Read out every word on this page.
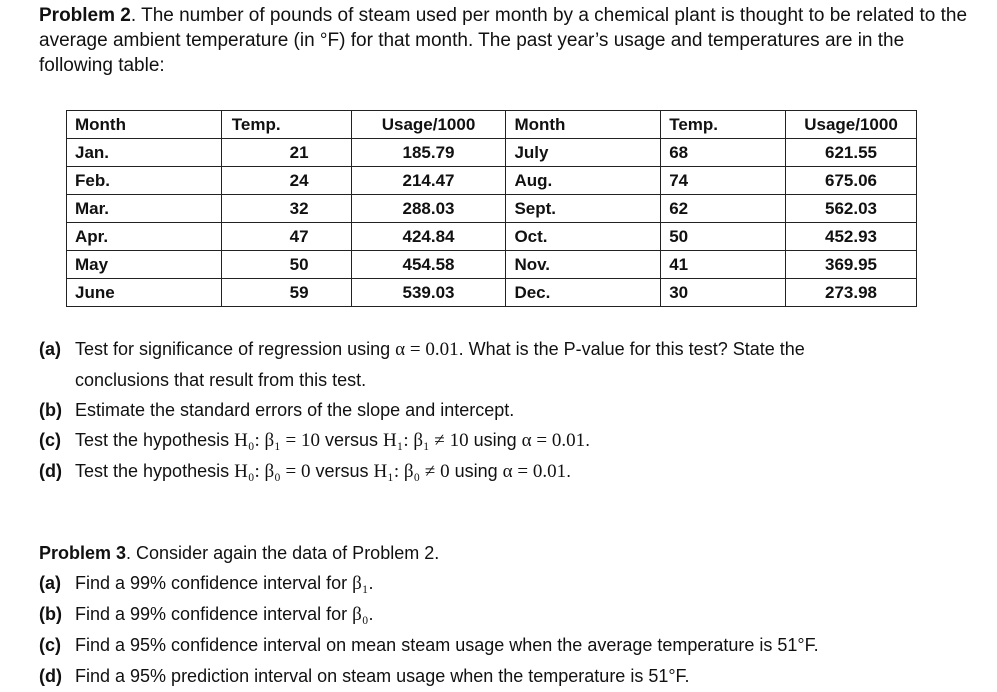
Problem 2. The number of pounds of steam used per month by a chemical plant is thought to be related to the average ambient temperature (in °F) for that month. The past year’s usage and temperatures are in the following table:
Month	Temp.	Usage/1000	Month	Temp.	Usage/1000
Jan.	21	185.79	July	68	621.55
Feb.	24	214.47	Aug.	74	675.06
Mar.	32	288.03	Sept.	62	562.03
Apr.	47	424.84	Oct.	50	452.93
May	50	454.58	Nov.	41	369.95
June	59	539.03	Dec.	30	273.98
(a) Test for significance of regression using α = 0.01. What is the P-value for this test? State the
conclusions that result from this test.
(b) Estimate the standard errors of the slope and intercept.
(c) Test the hypothesis H₀: β₁ = 10 versus H₁: β₁ ≠ 10 using α = 0.01.
(d) Test the hypothesis H₀: β₀ = 0 versus H₁: β₀ ≠ 0 using α = 0.01.
Problem 3. Consider again the data of Problem 2.
(a) Find a 99% confidence interval for β₁.
(b) Find a 99% confidence interval for β₀.
(c) Find a 95% confidence interval on mean steam usage when the average temperature is 51°F.
(d) Find a 95% prediction interval on steam usage when the temperature is 51°F.
